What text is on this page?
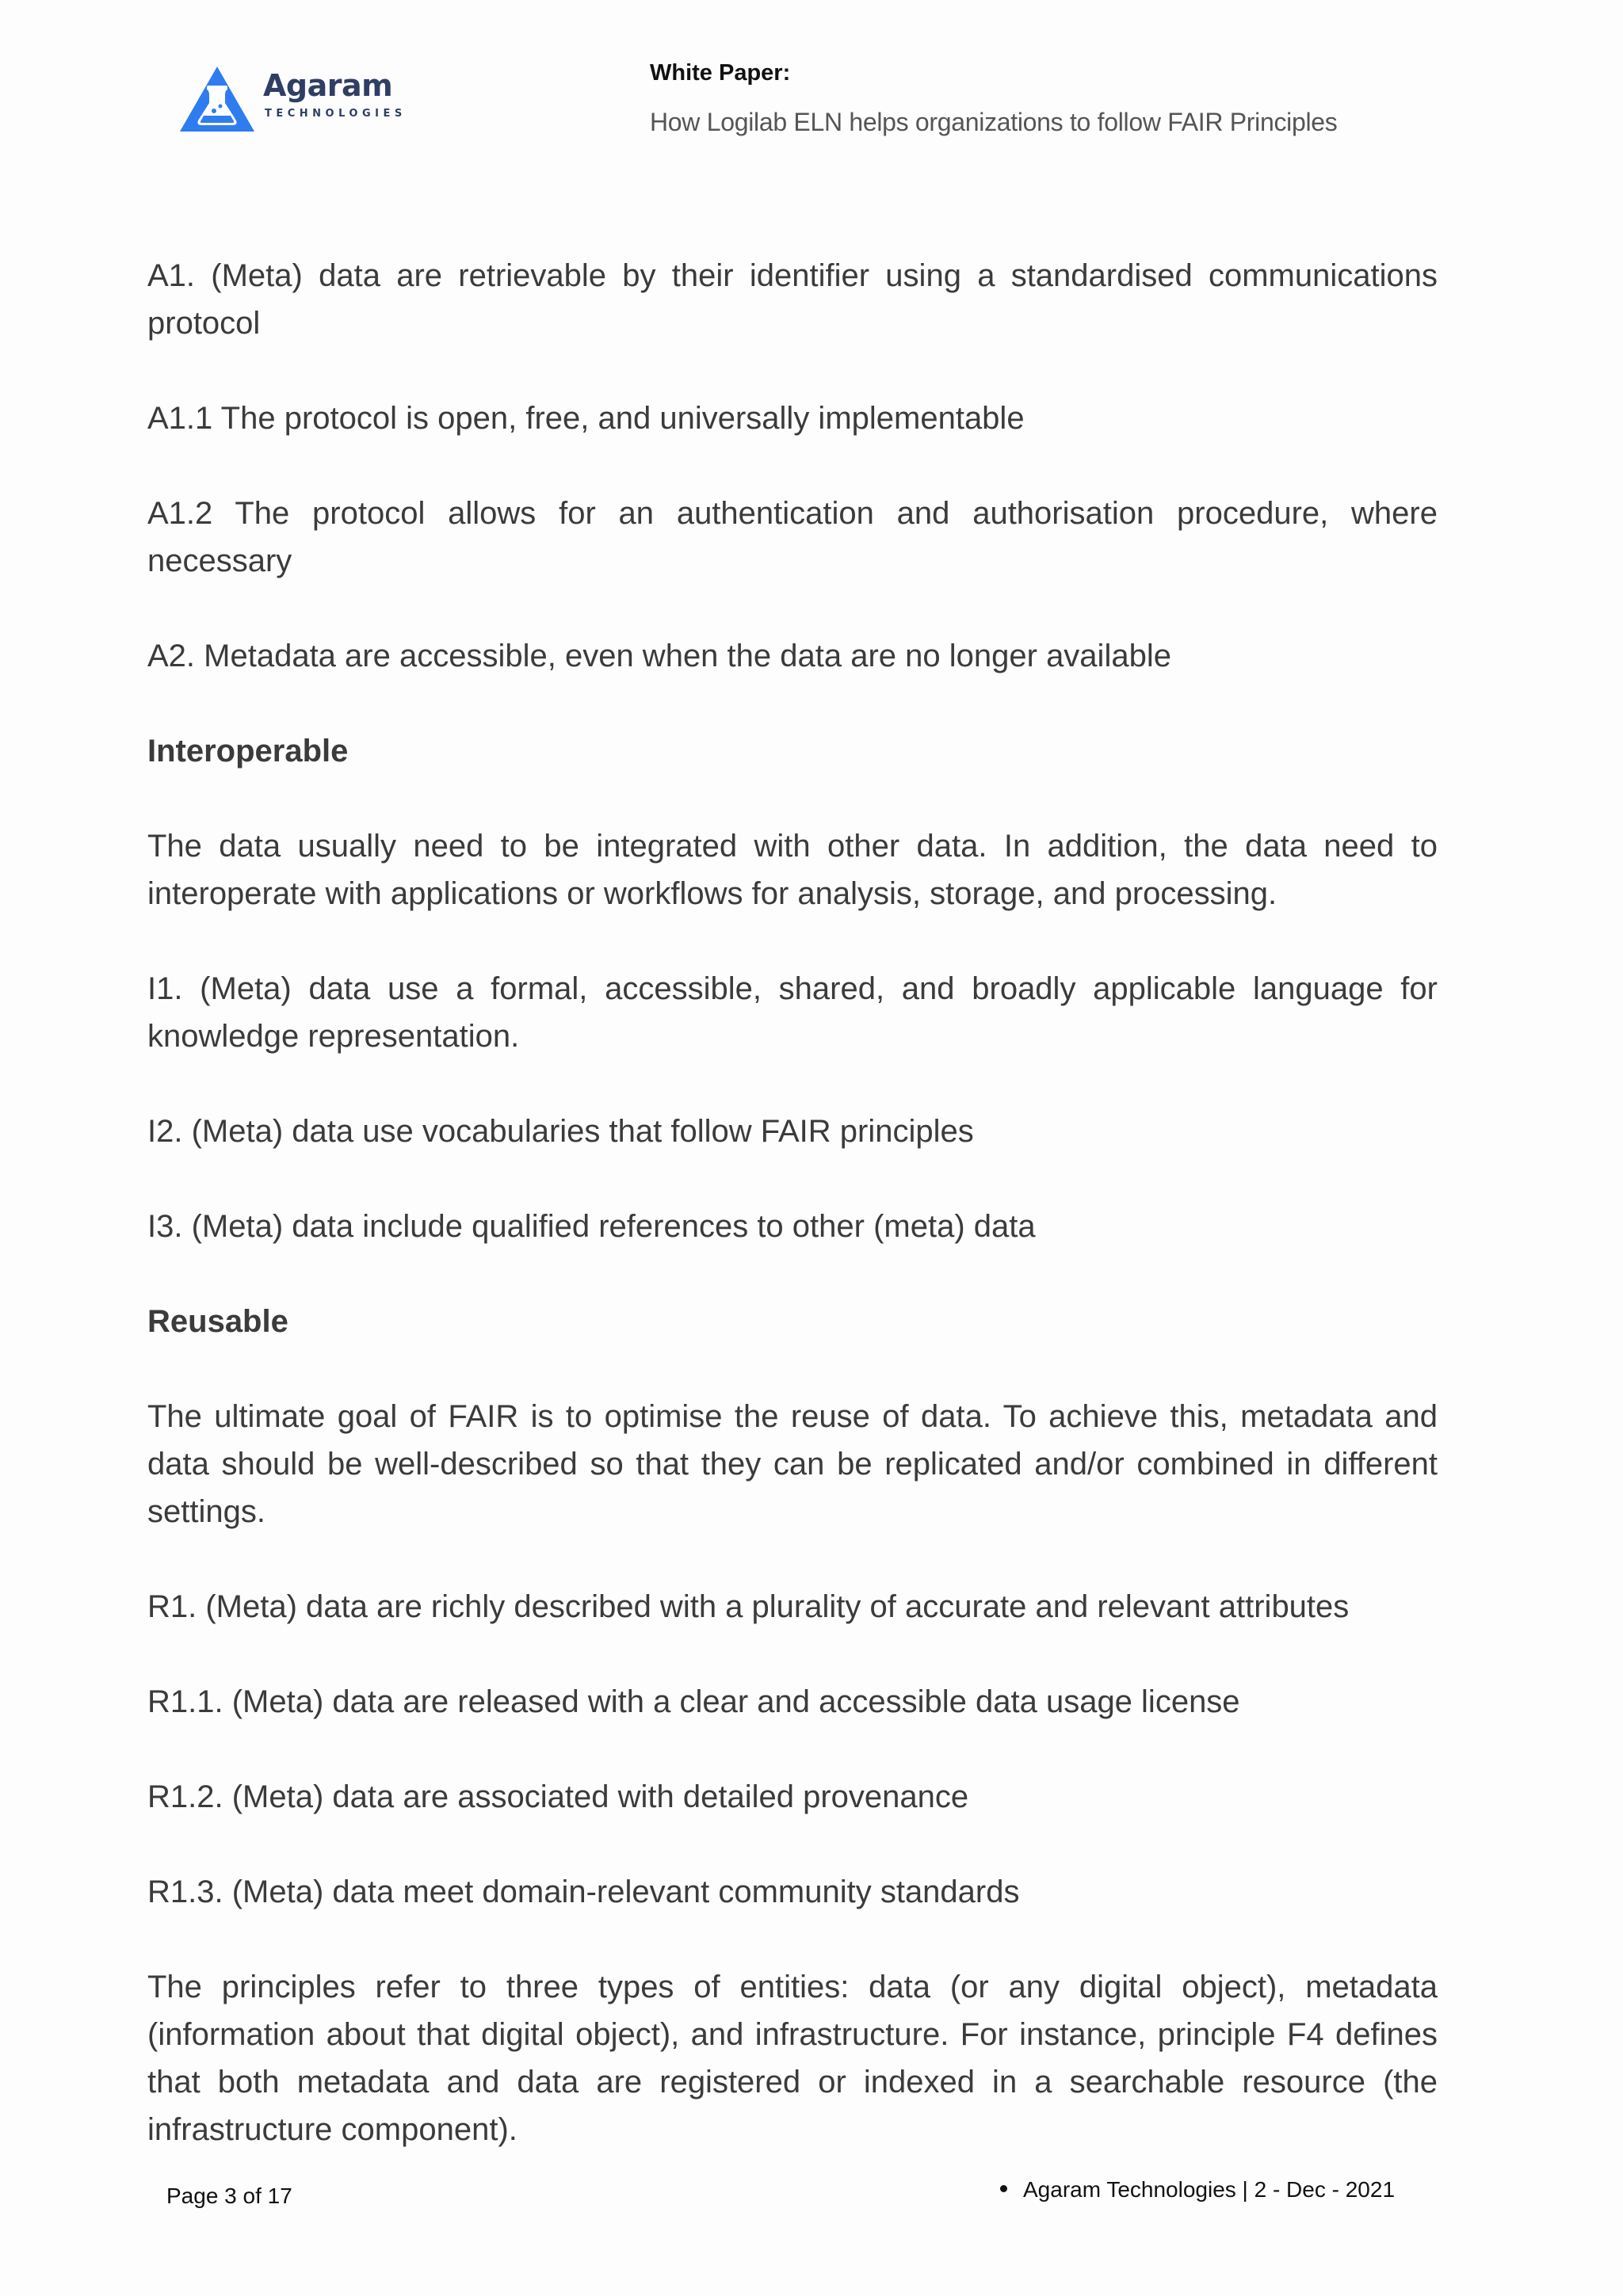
Agaram
TECHNOLOGIES
White Paper:
How Logilab ELN helps organizations to follow FAIR Principles

A1. (Meta) data are retrievable by their identifier using a standardised communications protocol

A1.1 The protocol is open, free, and universally implementable

A1.2 The protocol allows for an authentication and authorisation procedure, where necessary

A2. Metadata are accessible, even when the data are no longer available

Interoperable

The data usually need to be integrated with other data. In addition, the data need to interoperate with applications or workflows for analysis, storage, and processing.

I1. (Meta) data use a formal, accessible, shared, and broadly applicable language for knowledge representation.

I2. (Meta) data use vocabularies that follow FAIR principles

I3. (Meta) data include qualified references to other (meta) data

Reusable

The ultimate goal of FAIR is to optimise the reuse of data. To achieve this, metadata and data should be well-described so that they can be replicated and/or combined in different settings.

R1. (Meta) data are richly described with a plurality of accurate and relevant attributes

R1.1. (Meta) data are released with a clear and accessible data usage license

R1.2. (Meta) data are associated with detailed provenance

R1.3. (Meta) data meet domain-relevant community standards

The principles refer to three types of entities: data (or any digital object), metadata (information about that digital object), and infrastructure. For instance, principle F4 defines that both metadata and data are registered or indexed in a searchable resource (the infrastructure component).

Page 3 of 17	Agaram Technologies | 2 - Dec - 2021
